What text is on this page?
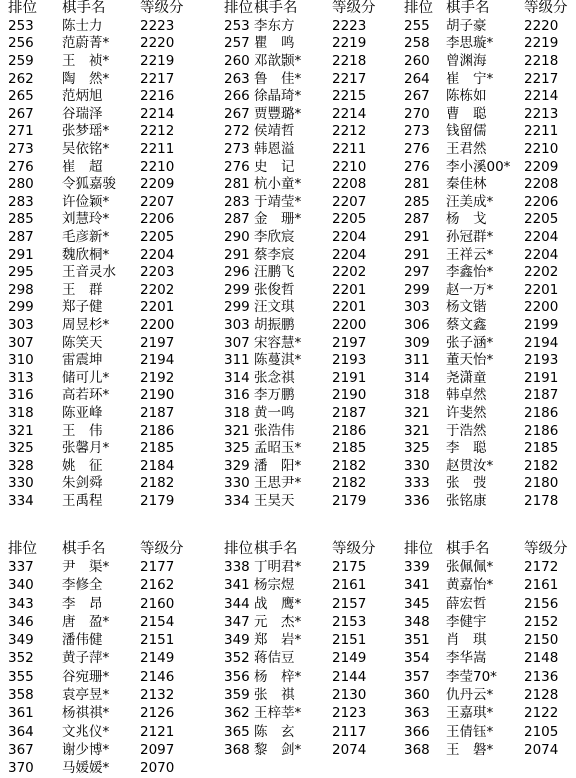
排位	棋手名	等级分	排位	棋手名	等级分	排位	棋手名	等级分
253	陈士力	2223	253	李东方	2223	255	胡子豪	2220
256	范蔚菁*	2220	257	瞿　鸣	2219	258	李思璇*	2219
259	王　祯*	2219	260	邓歆颢*	2218	260	曾渊海	2218
262	陶　然*	2217	263	鲁　佳*	2217	264	崔　宁*	2217
265	范炳旭	2216	266	徐晶琦*	2215	267	陈栋如	2214
267	谷瑞泽	2214	267	贾豐璐*	2214	270	曹　聪	2213
271	张梦瑶*	2212	272	侯靖哲	2212	273	钱留儒	2211
273	吴依铭*	2211	273	韩恩溢	2211	276	王君然	2210
276	崔　超	2210	276	史　记	2210	276	李小溪00*	2209
280	令狐嘉骏	2209	281	杭小童*	2208	281	秦佳林	2208
283	许俭颖*	2207	283	于靖莹*	2207	285	汪美成*	2206
285	刘慧玲*	2206	287	金　珊*	2205	287	杨　戈	2205
287	毛彦新*	2205	290	李欣宸	2204	291	孙冠群*	2204
291	魏欣桐*	2204	291	蔡李宸	2204	291	王祥云*	2204
295	王音灵水	2203	296	汪鹏飞	2202	297	李鑫怡*	2202
298	王　群	2202	299	张俊哲	2201	299	赵一万*	2201
299	郑子健	2201	299	汪文琪	2201	303	杨文锴	2200
303	周昱杉*	2200	303	胡振鹏	2200	306	蔡文鑫	2199
307	陈笑天	2197	307	宋容慧*	2197	309	张子涵*	2194
310	雷震坤	2194	311	陈蔓淇*	2193	311	董天怡*	2193
313	储可儿*	2192	314	张念祺	2191	314	尧潇童	2191
316	高若环*	2190	316	李万鹏	2190	318	韩卓然	2187
318	陈亚峰	2187	318	黄一鸣	2187	321	许斐然	2186
321	王　伟	2186	321	张浩伟	2186	321	于浩然	2186
325	张馨月*	2185	325	孟昭玉*	2185	325	李　聪	2185
328	姚　征	2184	329	潘　阳*	2182	330	赵贯汝*	2182
330	朱剑舜	2182	330	王思尹*	2182	333	张　弢	2180
334	王禹程	2179	334	王昊天	2179	336	张铭康	2178
排位	棋手名	等级分	排位	棋手名	等级分	排位	棋手名	等级分
337	尹　渠*	2177	338	丁明君*	2175	339	张佩佩*	2172
340	李修全	2162	341	杨宗煜	2161	341	黄嘉怡*	2161
343	李　昂	2160	344	战　鹰*	2157	345	薛宏哲	2156
346	唐　盈*	2154	347	元　杰*	2153	348	李健宇	2152
349	潘伟健	2151	349	郑　岩*	2151	351	肖　琪	2150
352	黄子萍*	2149	352	蒋佶豆	2149	354	李华嵩	2148
355	谷宛珊*	2146	356	杨　梓*	2144	357	李莹70*	2136
358	袁亭昱*	2132	359	张　祺	2130	360	仇丹云*	2128
361	杨祺祺*	2126	362	王梓莘*	2123	363	王嘉琪*	2122
364	文兆仪*	2121	365	陈　玄	2117	366	王倩钰*	2105
367	谢少博*	2097	368	黎　剑*	2074	368	王　磐*	2074
370	马媛媛*	2070						
